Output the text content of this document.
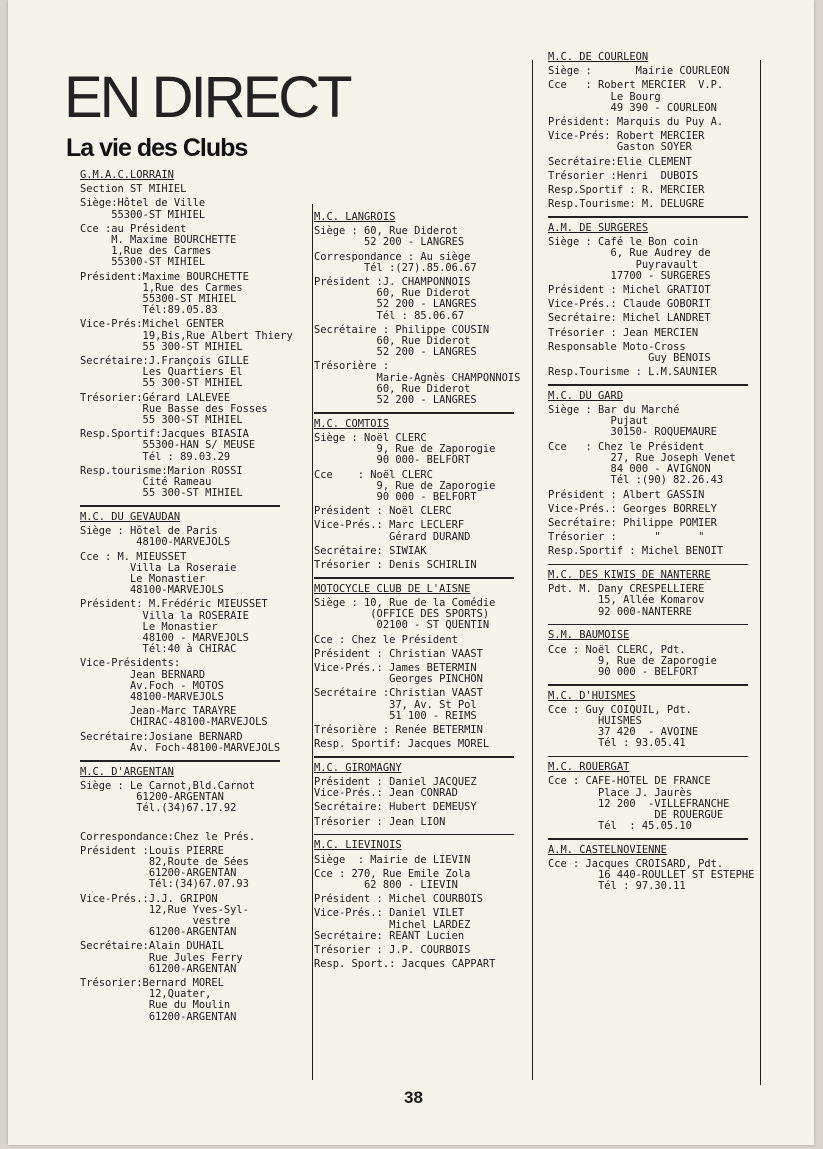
EN DIRECT
La vie des Clubs
G.M.A.C.LORRAIN
Section ST MIHIEL
Siège:Hôtel de Ville
55300-ST MIHIEL
Cce :au Président
M. Maxime BOURCHETTE
1,Rue des Carmes
55300-ST MIHIEL
Président:Maxime BOURCHETTE
1,Rue des Carmes
55300-ST MIHIEL
Tél:89.05.83
Vice-Prés:Michel GENTER
19,Bis,Rue Albert Thiery
55 300-ST MIHIEL
Secrétaire:J.François GILLE
Les Quartiers El
55 300-ST MIHIEL
Trésorier:Gérard LALEVEE
Rue Basse des Fosses
55 300-ST MIHIEL
Resp.Sportif:Jacques BIASIA
55300-HAN S/ MEUSE
Tél : 89.03.29
Resp.tourisme:Marion ROSSI
Cité Rameau
55 300-ST MIHIEL
M.C. DU GEVAUDAN
Siège : Hôtel de Paris
48100-MARVEJOLS
Cce : M. MIEUSSET
Villa La Roseraie
Le Monastier
48100-MARVEJOLS
Président: M.Frédéric MIEUSSET
Villa la ROSERAIE
Le Monastier
48100 - MARVEJOLS
Tél:40 à CHIRAC
Vice-Présidents:
Jean BERNARD
Av.Foch - MOTOS
48100-MARVEJOLS
Jean-Marc TARAYRE
CHIRAC-48100-MARVEJOLS
Secrétaire:Josiane BERNARD
Av. Foch-48100-MARVEJOLS
M.C. D'ARGENTAN
Siège : Le Carnot,Bld.Carnot
61200-ARGENTAN
Tél.(34)67.17.92

Correspondance:Chez le Prés.
Président :Louis PIERRE
82,Route de Sées
61200-ARGENTAN
Tél:(34)67.07.93
Vice-Prés.:J.J. GRIPON
12,Rue Yves-Syl-
vestre
61200-ARGENTAN
Secrétaire:Alain DUHAIL
Rue Jules Ferry
61200-ARGENTAN
Trésorier:Bernard MOREL
12,Quater,
Rue du Moulin
61200-ARGENTAN
M.C. LANGROIS
Siège : 60, Rue Diderot
52 200 - LANGRES
Correspondance : Au siège
Tél :(27).85.06.67
Président :J. CHAMPONNOIS
60, Rue Diderot
52 200 - LANGRES
Tél : 85.06.67
Secrétaire : Philippe COUSIN
60, Rue Diderot
52 200 - LANGRES
Trésorière :
Marie-Agnès CHAMPONNOIS
60, Rue Diderot
52 200 - LANGRES
M.C. COMTOIS
Siège : Noël CLERC
9, Rue de Zaporogie
90 000- BELFORT
Cce    : Noël CLERC
9, Rue de Zaporogie
90 000 - BELFORT
Président : Noël CLERC
Vice-Prés.: Marc LECLERF
Gérard DURAND
Secrétaire: SIWIAK
Trésorier : Denis SCHIRLIN
MOTOCYCLE CLUB DE L'AISNE
Siège : 10, Rue de la Comédie
(OFFICE DES SPORTS)
02100 - ST QUENTIN
Cce : Chez le Président
Président : Christian VAAST
Vice-Prés.: James BETERMIN
Georges PINCHON
Secrétaire :Christian VAAST
37, Av. St Pol
51 100 - REIMS
Trésorière : Renée BETERMIN
Resp. Sportif: Jacques MOREL
M.C. GIROMAGNY
Président : Daniel JACQUEZ
Vice-Prés.: Jean CONRAD
Secrétaire: Hubert DEMEUSY
Trésorier : Jean LION
M.C. LIEVINOIS
Siège  : Mairie de LIEVIN
Cce : 270, Rue Emile Zola
62 800 - LIEVIN
Président : Michel COURBOIS
Vice-Prés.: Daniel VILET
Michel LARDEZ
Secrétaire: REANT Lucien
Trésorier : J.P. COURBOIS
Resp. Sport.: Jacques CAPPART
M.C. DE COURLEON
Siège :       Mairie COURLEON
Cce   : Robert MERCIER  V.P.
Le Bourg
49 390 - COURLEON
Président: Marquis du Puy A.
Vice-Prés: Robert MERCIER
Gaston SOYER
Secrétaire:Elie CLEMENT
Trésorier :Henri  DUBOIS
Resp.Sportif : R. MERCIER
Resp.Tourisme: M. DELUGRE
A.M. DE SURGERES
Siège : Café le Bon coin
6, Rue Audrey de
Puyravault
17700 - SURGERES
Président : Michel GRATIOT
Vice-Prés.: Claude GOBORIT
Secrétaire: Michel LANDRET
Trésorier : Jean MERCIEN
Responsable Moto-Cross
Guy BENOIS
Resp.Tourisme : L.M.SAUNIER
M.C. DU GARD
Siège : Bar du Marché
Pujaut
30150- ROQUEMAURE
Cce   : Chez le Président
27, Rue Joseph Venet
84 000 - AVIGNON
Tél :(90) 82.26.43
Président : Albert GASSIN
Vice-Prés.: Georges BORRELY
Secrétaire: Philippe POMIER
Trésorier :      "      "
Resp.Sportif : Michel BENOIT
M.C. DES KIWIS DE NANTERRE
Pdt. M. Dany CRESPELLIERE
15, Allée Komarov
92 000-NANTERRE
S.M. BAUMOISE
Cce : Noël CLERC, Pdt.
9, Rue de Zaporogie
90 000 - BELFORT
M.C. D'HUISMES
Cce : Guy COIQUIL, Pdt.
HUISMES
37 420  - AVOINE
Tél : 93.05.41
M.C. ROUERGAT
Cce : CAFE-HOTEL DE FRANCE
Place J. Jaurès
12 200  -VILLEFRANCHE
DE ROUERGUE
Tél  : 45.05.10
A.M. CASTELNOVIENNE
Cce : Jacques CROISARD, Pdt.
16 440-ROULLET ST ESTEPHE
Tél : 97.30.11
38
